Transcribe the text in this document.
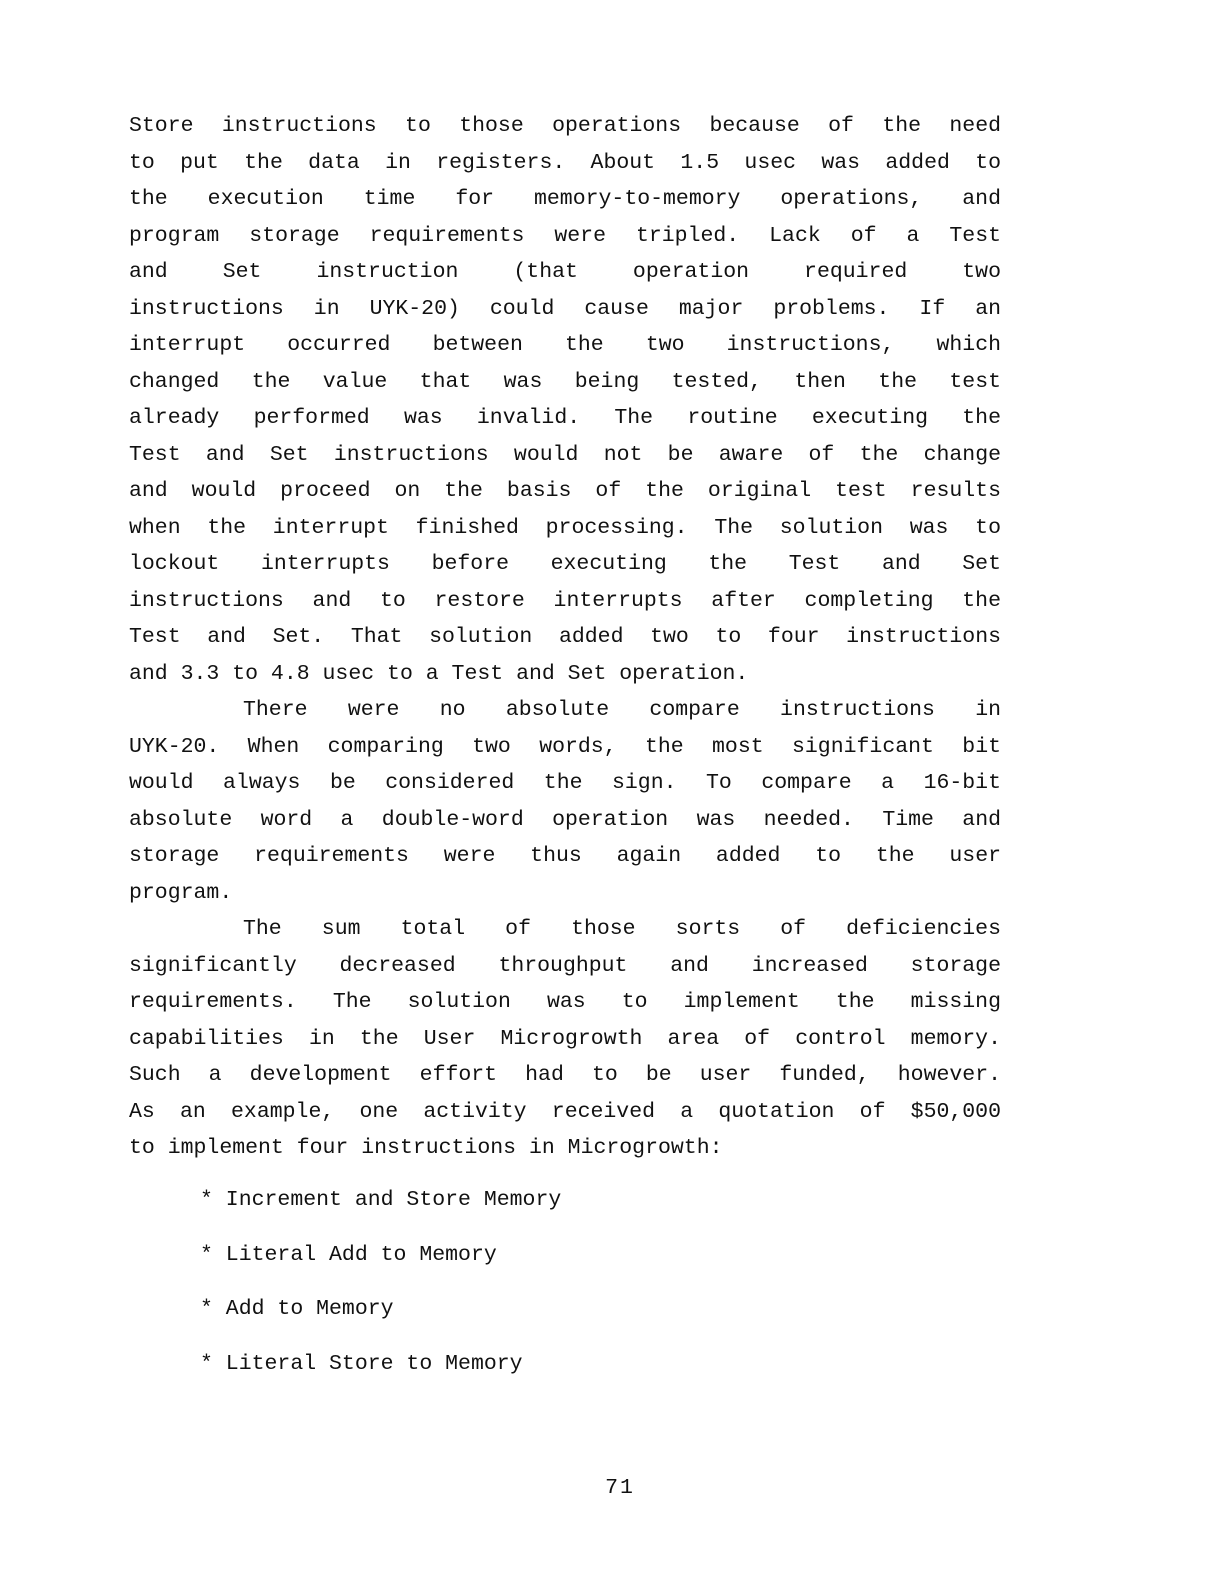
Store instructions to those operations because of the need
to put the data in registers. About 1.5 usec was added to
the execution time for memory-to-memory operations, and
program storage requirements were tripled. Lack of a Test
and Set instruction (that operation required two
instructions in UYK-20) could cause major problems. If an
interrupt occurred between the two instructions, which
changed the value that was being tested, then the test
already performed was invalid. The routine executing the
Test and Set instructions would not be aware of the change
and would proceed on the basis of the original test results
when the interrupt finished processing. The solution was to
lockout interrupts before executing the Test and Set
instructions and to restore interrupts after completing the
Test and Set. That solution added two to four instructions
and 3.3 to 4.8 usec to a Test and Set operation.
There were no absolute compare instructions in
UYK-20. When comparing two words, the most significant bit
would always be considered the sign. To compare a 16-bit
absolute word a double-word operation was needed. Time and
storage requirements were thus again added to the user
program.
The sum total of those sorts of deficiencies
significantly decreased throughput and increased storage
requirements. The solution was to implement the missing
capabilities in the User Microgrowth area of control memory.
Such a development effort had to be user funded, however.
As an example, one activity received a quotation of $50,000
to implement four instructions in Microgrowth:
* Increment and Store Memory
* Literal Add to Memory
* Add to Memory
* Literal Store to Memory
71
